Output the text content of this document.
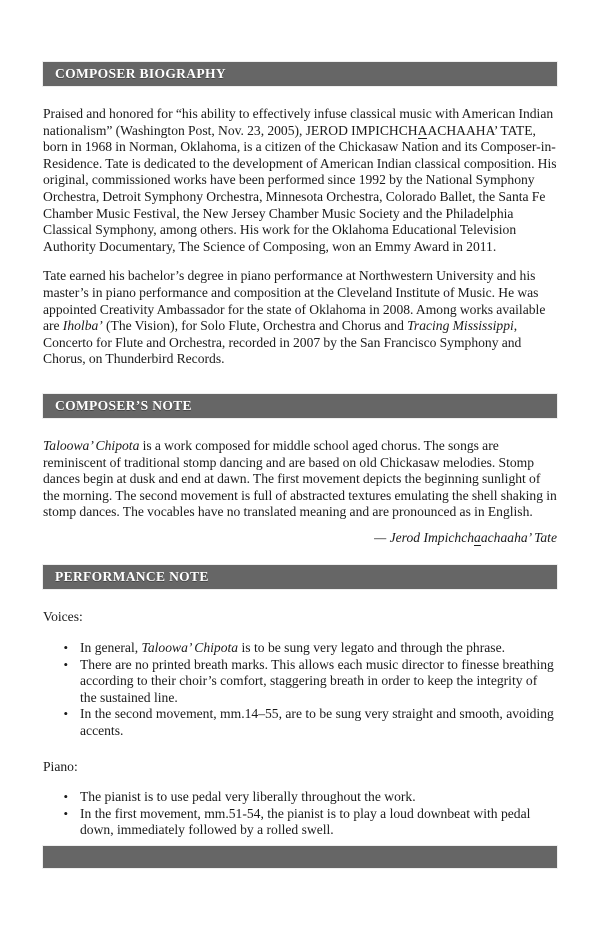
COMPOSER BIOGRAPHY

Praised and honored for “his ability to effectively infuse classical music with American Indian nationalism” (Washington Post, Nov. 23, 2005), JEROD IMPICHCHAACHAAHA’ TATE, born in 1968 in Norman, Oklahoma, is a citizen of the Chickasaw Nation and its Composer-in-Residence. Tate is dedicated to the development of American Indian classical composition. His original, commissioned works have been performed since 1992 by the National Symphony Orchestra, Detroit Symphony Orchestra, Minnesota Orchestra, Colorado Ballet, the Santa Fe Chamber Music Festival, the New Jersey Chamber Music Society and the Philadelphia Classical Symphony, among others. His work for the Oklahoma Educational Television Authority Documentary, The Science of Composing, won an Emmy Award in 2011.

Tate earned his bachelor’s degree in piano performance at Northwestern University and his master’s in piano performance and composition at the Cleveland Institute of Music. He was appointed Creativity Ambassador for the state of Oklahoma in 2008. Among works available are Iholba’ (The Vision), for Solo Flute, Orchestra and Chorus and Tracing Mississippi, Concerto for Flute and Orchestra, recorded in 2007 by the San Francisco Symphony and Chorus, on Thunderbird Records.

COMPOSER’S NOTE

Taloowa’ Chipota is a work composed for middle school aged chorus. The songs are reminiscent of traditional stomp dancing and are based on old Chickasaw melodies. Stomp dances begin at dusk and end at dawn. The first movement depicts the beginning sunlight of the morning. The second movement is full of abstracted textures emulating the shell shaking in stomp dances. The vocables have no translated meaning and are pronounced as in English.

— Jerod Impichchaachaaha’ Tate

PERFORMANCE NOTE

Voices:

• In general, Taloowa’ Chipota is to be sung very legato and through the phrase.
• There are no printed breath marks. This allows each music director to finesse breathing according to their choir’s comfort, staggering breath in order to keep the integrity of the sustained line.
• In the second movement, mm.14–55, are to be sung very straight and smooth, avoiding accents.

Piano:

• The pianist is to use pedal very liberally throughout the work.
• In the first movement, mm.51-54, the pianist is to play a loud downbeat with pedal down, immediately followed by a rolled swell.
